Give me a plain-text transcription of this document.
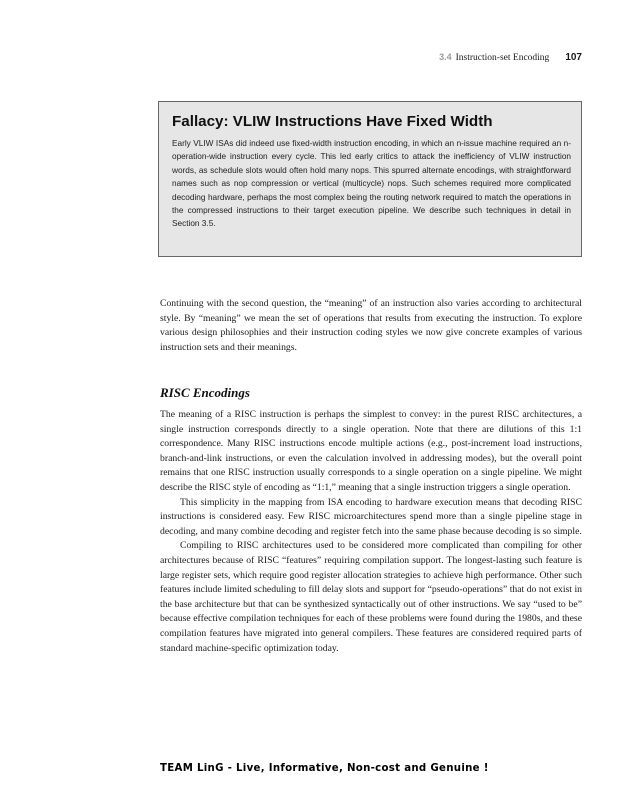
3.4 Instruction-set Encoding 107
Fallacy: VLIW Instructions Have Fixed Width

Early VLIW ISAs did indeed use fixed-width instruction encoding, in which an n-issue machine required an n-operation-wide instruction every cycle. This led early critics to attack the inefficiency of VLIW instruction words, as schedule slots would often hold many nops. This spurred alternate encodings, with straightforward names such as nop compression or vertical (multicycle) nops. Such schemes required more complicated decoding hardware, perhaps the most complex being the routing network required to match the operations in the compressed instructions to their target execution pipeline. We describe such techniques in detail in Section 3.5.

Continuing with the second question, the “meaning” of an instruction also varies according to architectural style. By “meaning” we mean the set of operations that results from executing the instruction. To explore various design philosophies and their instruction coding styles we now give concrete examples of various instruction sets and their meanings.

RISC Encodings

The meaning of a RISC instruction is perhaps the simplest to convey: in the purest RISC architectures, a single instruction corresponds directly to a single operation. Note that there are dilutions of this 1:1 correspondence. Many RISC instructions encode multiple actions (e.g., post-increment load instructions, branch-and-link instructions, or even the calculation involved in addressing modes), but the overall point remains that one RISC instruction usually corresponds to a single operation on a single pipeline. We might describe the RISC style of encoding as “1:1,” meaning that a single instruction triggers a single operation.

This simplicity in the mapping from ISA encoding to hardware execution means that decoding RISC instructions is considered easy. Few RISC microarchitectures spend more than a single pipeline stage in decoding, and many combine decoding and register fetch into the same phase because decoding is so simple.

Compiling to RISC architectures used to be considered more complicated than compiling for other architectures because of RISC “features” requiring compilation support. The longest-lasting such feature is large register sets, which require good register allocation strategies to achieve high performance. Other such features include limited scheduling to fill delay slots and support for “pseudo-operations” that do not exist in the base architecture but that can be synthesized syntactically out of other instructions. We say “used to be” because effective compilation techniques for each of these problems were found during the 1980s, and these compilation features have migrated into general compilers. These features are considered required parts of standard machine-specific optimization today.

TEAM LinG - Live, Informative, Non-cost and Genuine !
